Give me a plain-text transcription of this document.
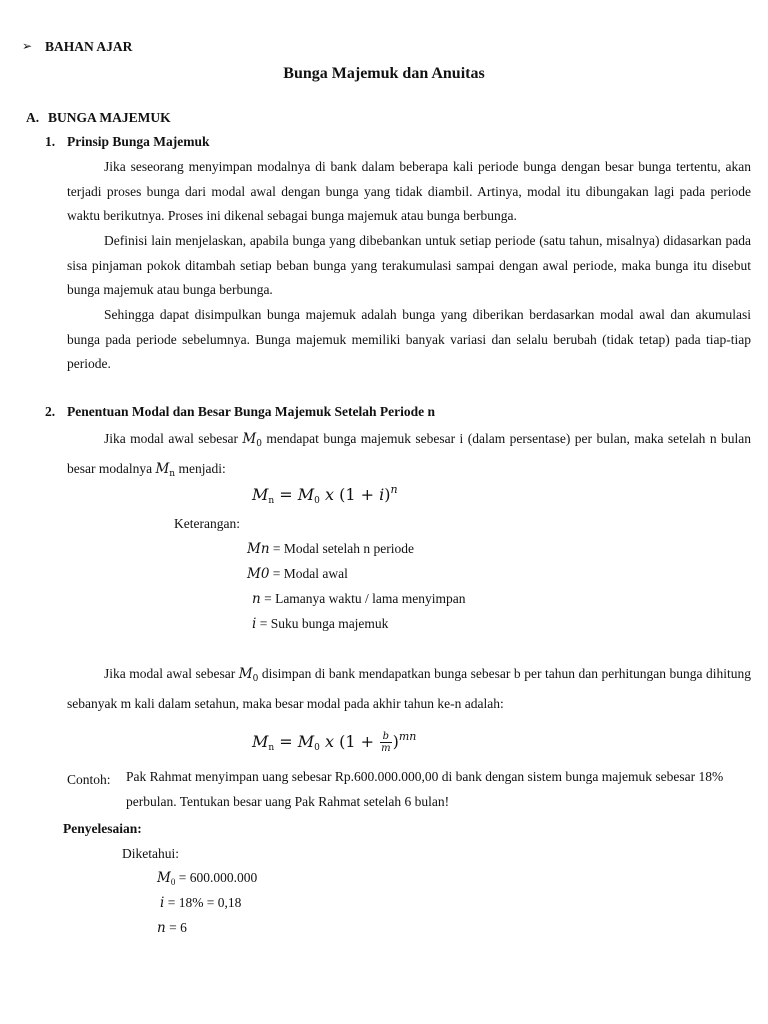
➢ BAHAN AJAR
Bunga Majemuk dan Anuitas
A. BUNGA MAJEMUK
1. Prinsip Bunga Majemuk
Jika seseorang menyimpan modalnya di bank dalam beberapa kali periode bunga dengan besar bunga tertentu, akan terjadi proses bunga dari modal awal dengan bunga yang tidak diambil. Artinya, modal itu dibungakan lagi pada periode waktu berikutnya. Proses ini dikenal sebagai bunga majemuk atau bunga berbunga.
Definisi lain menjelaskan, apabila bunga yang dibebankan untuk setiap periode (satu tahun, misalnya) didasarkan pada sisa pinjaman pokok ditambah setiap beban bunga yang terakumulasi sampai dengan awal periode, maka bunga itu disebut bunga majemuk atau bunga berbunga.
Sehingga dapat disimpulkan bunga majemuk adalah bunga yang diberikan berdasarkan modal awal dan akumulasi bunga pada periode sebelumnya. Bunga majemuk memiliki banyak variasi dan selalu berubah (tidak tetap) pada tiap-tiap periode.
2. Penentuan Modal dan Besar Bunga Majemuk Setelah Periode n
Jika modal awal sebesar $M_0$ mendapat bunga majemuk sebesar i (dalam persentase) per bulan, maka setelah n bulan besar modalnya $M_n$ menjadi:
$M_n = M_0$ x $(1 + i)^n$
Keterangan:
Mn = Modal setelah n periode
M0 = Modal awal
n = Lamanya waktu / lama menyimpan
i = Suku bunga majemuk
Jika modal awal sebesar $M_0$ disimpan di bank mendapatkan bunga sebesar b per tahun dan perhitungan bunga dihitung sebanyak m kali dalam setahun, maka besar modal pada akhir tahun ke-n adalah:
$M_n = M_0$ x $(1 + \frac{b}{m} )^{mn}$
Contoh: Pak Rahmat menyimpan uang sebesar Rp.600.000.000,00 di bank dengan sistem bunga majemuk sebesar 18% perbulan. Tentukan besar uang Pak Rahmat setelah 6 bulan!
Penyelesaian:
Diketahui:
$M_0 = 600.000.000$
i = 18% = 0,18
n = 6
